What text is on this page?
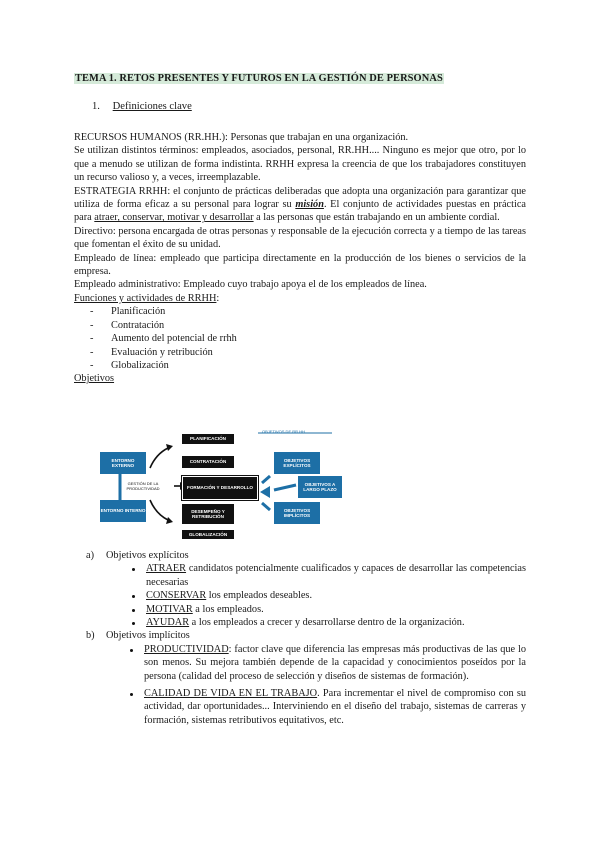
TEMA 1. RETOS PRESENTES Y FUTUROS EN LA GESTIÓN DE PERSONAS
1. Definiciones clave

RECURSOS HUMANOS (RR.HH.): Personas que trabajan en una organización.

Se utilizan distintos términos: empleados, asociados, personal, RR.HH.... Ninguno es mejor que otro, por lo que a menudo se utilizan de forma indistinta. RRHH expresa la creencia de que los trabajadores constituyen un recurso valioso y, a veces, irreemplazable.

ESTRATEGIA RRHH: el conjunto de prácticas deliberadas que adopta una organización para garantizar que utiliza de forma eficaz a su personal para lograr su misión. El conjunto de actividades puestas en práctica para atraer, conservar, motivar y desarrollar a las personas que están trabajando en un ambiente cordial.

Directivo: persona encargada de otras personas y responsable de la ejecución correcta y a tiempo de las tareas que fomentan el éxito de su unidad.

Empleado de línea: empleado que participa directamente en la producción de los bienes o servicios de la empresa.

Empleado administrativo: Empleado cuyo trabajo apoya el de los empleados de línea.

Funciones y actividades de RRHH:

- Planificación
- Contratación
- Aumento del potencial de rrhh
- Evaluación y retribución
- Globalización

Objetivos

OBJETIVOS DE RR.HH.
ENTORNO EXTERNO
ENTORNO INTERNO
GESTIÓN DE LA PRODUCTIVIDAD
PLANIFICACIÓN
CONTRATACIÓN
FORMACIÓN Y DESARROLLO
DESEMPEÑO Y RETRIBUCIÓN
GLOBALIZACIÓN
OBJETIVOS EXPLÍCITOS
OBJETIVOS IMPLÍCITOS
OBJETIVOS A LARGO PLAZO

a) Objetivos explícitos

ATRAER candidatos potencialmente cualificados y capaces de desarrollar las competencias necesarias
CONSERVAR los empleados deseables.
MOTIVAR a los empleados.
AYUDAR a los empleados a crecer y desarrollarse dentro de la organización.

b) Objetivos implícitos

PRODUCTIVIDAD: factor clave que diferencia las empresas más productivas de las que lo son menos. Su mejora también depende de la capacidad y conocimientos poseídos por la persona (calidad del proceso de selección y diseños de sistemas de formación).
CALIDAD DE VIDA EN EL TRABAJO. Para incrementar el nivel de compromiso con su actividad, dar oportunidades... Interviniendo en el diseño del trabajo, sistemas de carreras y formación, sistemas retributivos equitativos, etc.
